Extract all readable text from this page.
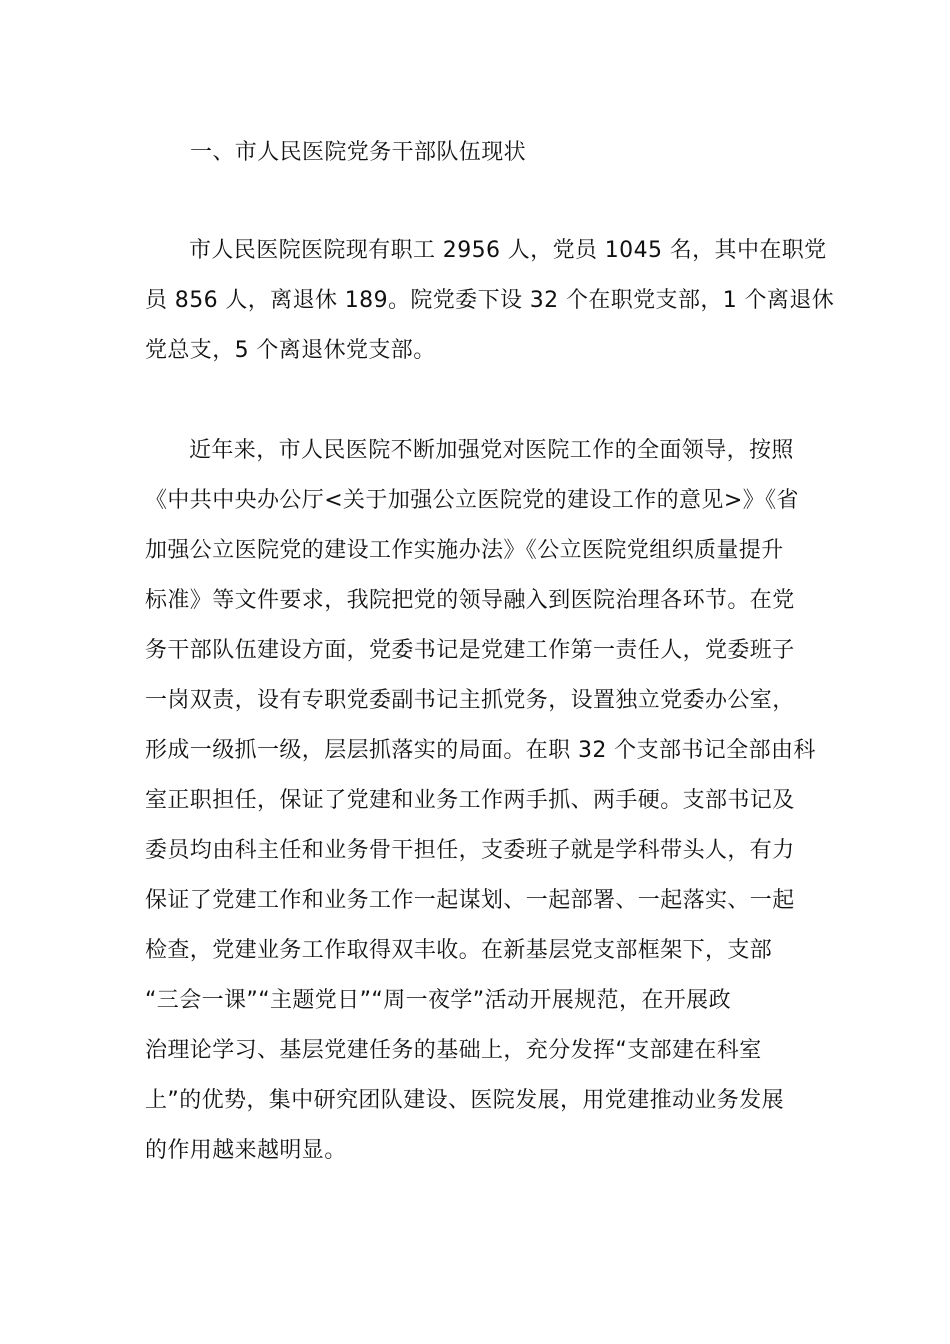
一、市人民医院党务干部队伍现状
市人民医院医院现有职工 2956 人，党员 1045 名，其中在职党
员 856 人，离退休 189。院党委下设 32 个在职党支部，1 个离退休
党总支，5 个离退休党支部。
近年来，市人民医院不断加强党对医院工作的全面领导，按照
《中共中央办公厅<关于加强公立医院党的建设工作的意见>》《省
加强公立医院党的建设工作实施办法》《公立医院党组织质量提升
标准》等文件要求，我院把党的领导融入到医院治理各环节。在党
务干部队伍建设方面，党委书记是党建工作第一责任人，党委班子
一岗双责，设有专职党委副书记主抓党务，设置独立党委办公室，
形成一级抓一级，层层抓落实的局面。在职 32 个支部书记全部由科
室正职担任，保证了党建和业务工作两手抓、两手硬。支部书记及
委员均由科主任和业务骨干担任，支委班子就是学科带头人，有力
保证了党建工作和业务工作一起谋划、一起部署、一起落实、一起
检查，党建业务工作取得双丰收。在新基层党支部框架下，支部
“三会一课”“主题党日”“周一夜学”活动开展规范，在开展政
治理论学习、基层党建任务的基础上，充分发挥“支部建在科室
上”的优势，集中研究团队建设、医院发展，用党建推动业务发展
的作用越来越明显。
